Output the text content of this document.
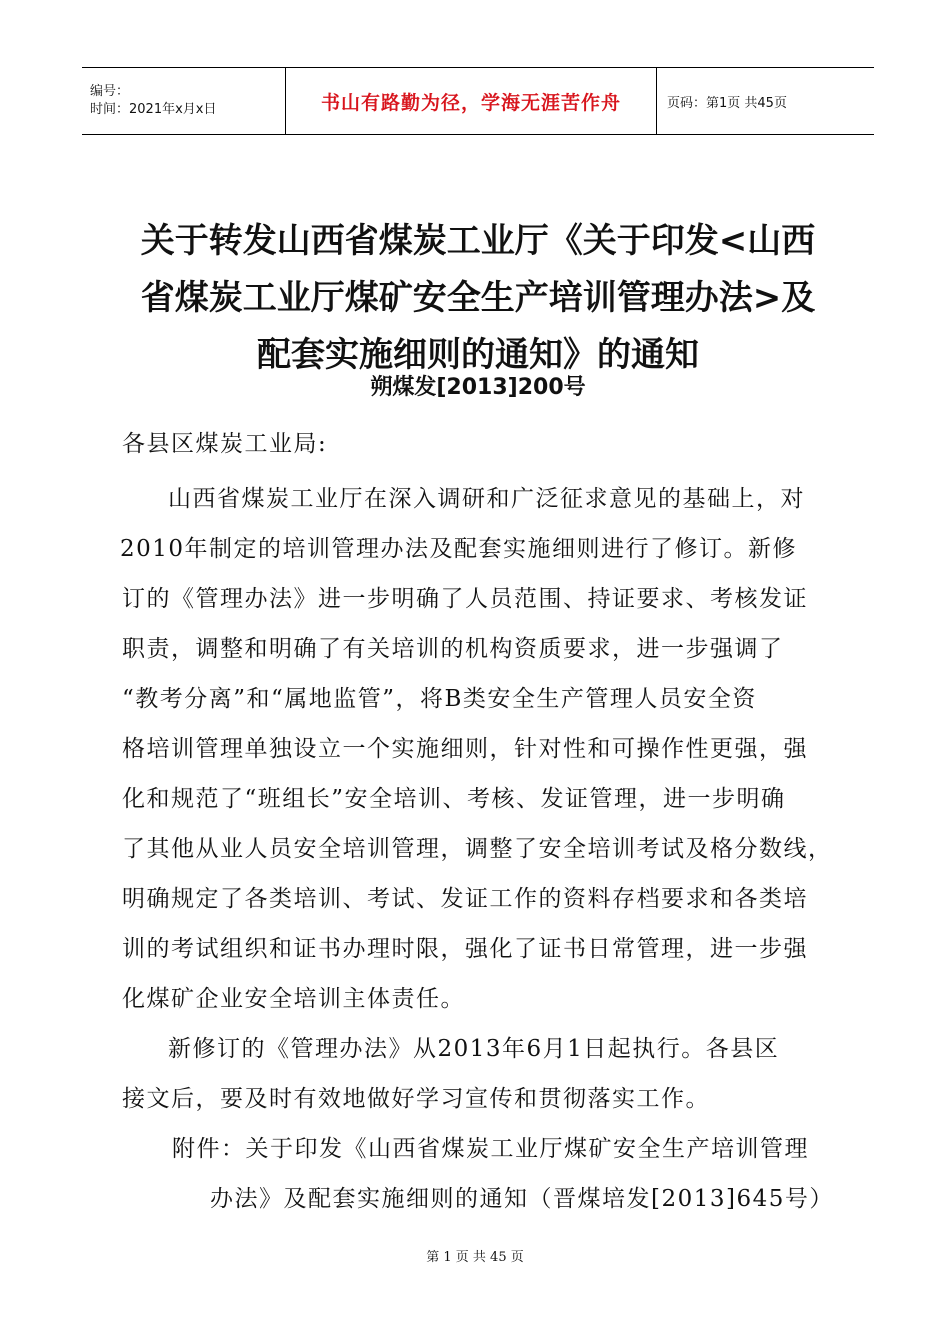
编号：
时间：2021年x月x日	书山有路勤为径，学海无涯苦作舟	页码：第1页 共45页
关于转发山西省煤炭工业厅《关于印发<山西
省煤炭工业厅煤矿安全生产培训管理办法>及
配套实施细则的通知》的通知
朔煤发[2013]200号
各县区煤炭工业局:
山西省煤炭工业厅在深入调研和广泛征求意见的基础上，对
2010年制定的培训管理办法及配套实施细则进行了修订。新修
订的《管理办法》进一步明确了人员范围、持证要求、考核发证
职责，调整和明确了有关培训的机构资质要求，进一步强调了
“教考分离”和“属地监管”，将B类安全生产管理人员安全资
格培训管理单独设立一个实施细则，针对性和可操作性更强，强
化和规范了“班组长”安全培训、考核、发证管理，进一步明确
了其他从业人员安全培训管理，调整了安全培训考试及格分数线，
明确规定了各类培训、考试、发证工作的资料存档要求和各类培
训的考试组织和证书办理时限，强化了证书日常管理，进一步强
化煤矿企业安全培训主体责任。
新修订的《管理办法》从2013年6月1日起执行。各县区
接文后，要及时有效地做好学习宣传和贯彻落实工作。
附件：关于印发《山西省煤炭工业厅煤矿安全生产培训管理
办法》及配套实施细则的通知（晋煤培发[2013]645号）
第 1 页 共 45 页
